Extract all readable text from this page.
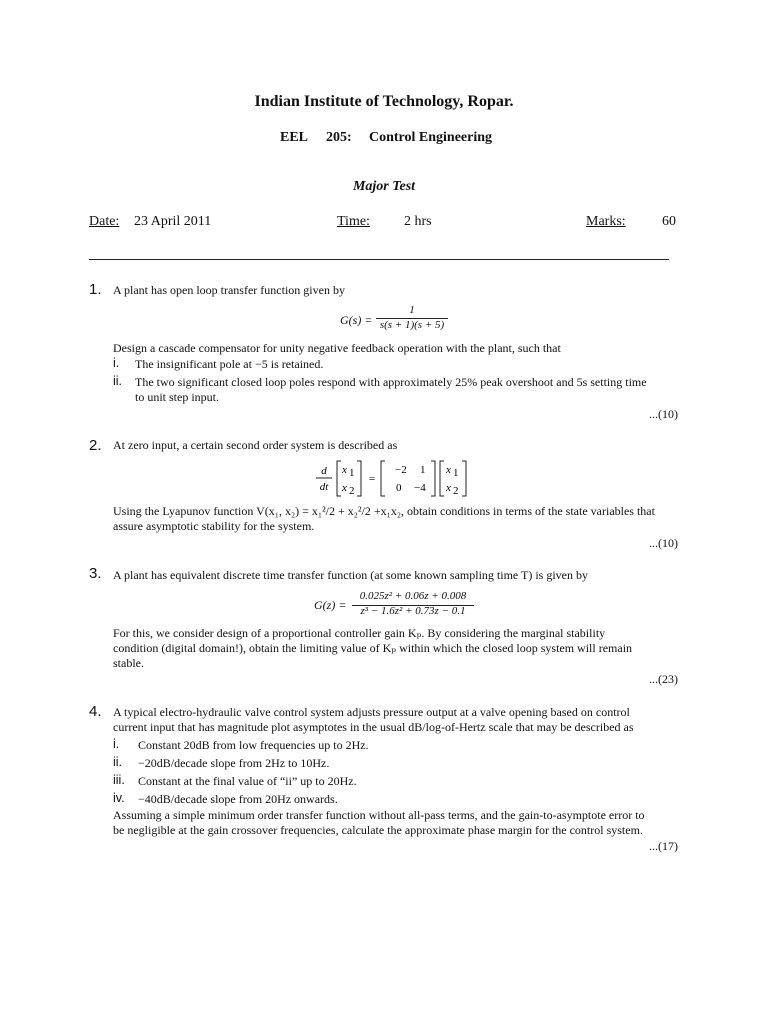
Indian Institute of Technology, Ropar.
EEL 205: Control Engineering
Major Test
Date: 23 April 2011	Time: 2 hrs	Marks:	60
1. A plant has open loop transfer function given by
G(s) =
1
s(s + 1)(s + 5)
Design a cascade compensator for unity negative feedback operation with the plant, such that
i. The insignificant pole at −5 is retained.
ii. The two significant closed loop poles respond with approximately 25% peak overshoot and 5s setting time
to unit step input.
...(10)
2. At zero input, a certain second order system is described as
d
dt
x 1
x 2
=
−2 1
0 −4
x 1
x 2
Using the Lyapunov function V(x₁, x₂) = x₁²/2 + x₂²/2 +x₁x₂, obtain conditions in terms of the state variables that
assure asymptotic stability for the system.
...(10)
3. A plant has equivalent discrete time transfer function (at some known sampling time T) is given by
G(z) =
0.025z² + 0.06z + 0.008
z³ − 1.6z² + 0.73z − 0.1
For this, we consider design of a proportional controller gain Kₚ. By considering the marginal stability
condition (digital domain!), obtain the limiting value of Kₚ within which the closed loop system will remain
stable.
...(23)
4. A typical electro-hydraulic valve control system adjusts pressure output at a valve opening based on control
current input that has magnitude plot asymptotes in the usual dB/log-of-Hertz scale that may be described as
i. Constant 20dB from low frequencies up to 2Hz.
ii. −20dB/decade slope from 2Hz to 10Hz.
iii. Constant at the final value of “ii” up to 20Hz.
iv. −40dB/decade slope from 20Hz onwards.
Assuming a simple minimum order transfer function without all-pass terms, and the gain-to-asymptote error to
be negligible at the gain crossover frequencies, calculate the approximate phase margin for the control system.
...(17)
